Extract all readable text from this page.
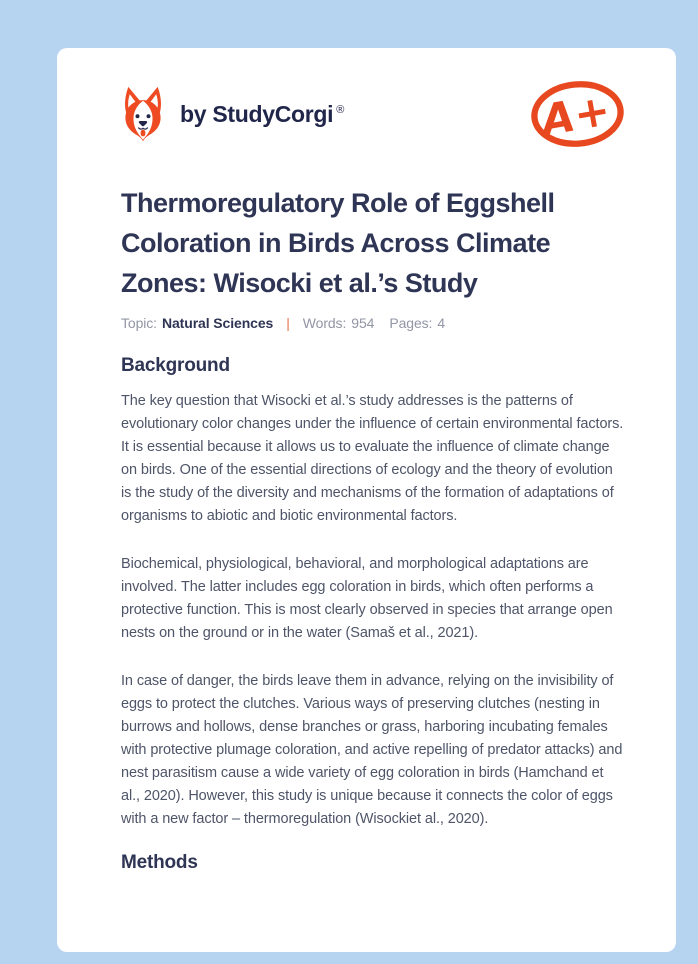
by StudyCorgi ®	A+
Thermoregulatory Role of Eggshell Coloration in Birds Across Climate Zones: Wisocki et al.’s Study
Topic: Natural Sciences | Words: 954 Pages: 4
Background

The key question that Wisocki et al.’s study addresses is the patterns of evolutionary color changes under the influence of certain environmental factors. It is essential because it allows us to evaluate the influence of climate change on birds. One of the essential directions of ecology and the theory of evolution is the study of the diversity and mechanisms of the formation of adaptations of organisms to abiotic and biotic environmental factors.

Biochemical, physiological, behavioral, and morphological adaptations are involved. The latter includes egg coloration in birds, which often performs a protective function. This is most clearly observed in species that arrange open nests on the ground or in the water (Samaš et al., 2021).

In case of danger, the birds leave them in advance, relying on the invisibility of eggs to protect the clutches. Various ways of preserving clutches (nesting in burrows and hollows, dense branches or grass, harboring incubating females with protective plumage coloration, and active repelling of predator attacks) and nest parasitism cause a wide variety of egg coloration in birds (Hamchand et al., 2020). However, this study is unique because it connects the color of eggs with a new factor – thermoregulation (Wisockiet al., 2020).

Methods
